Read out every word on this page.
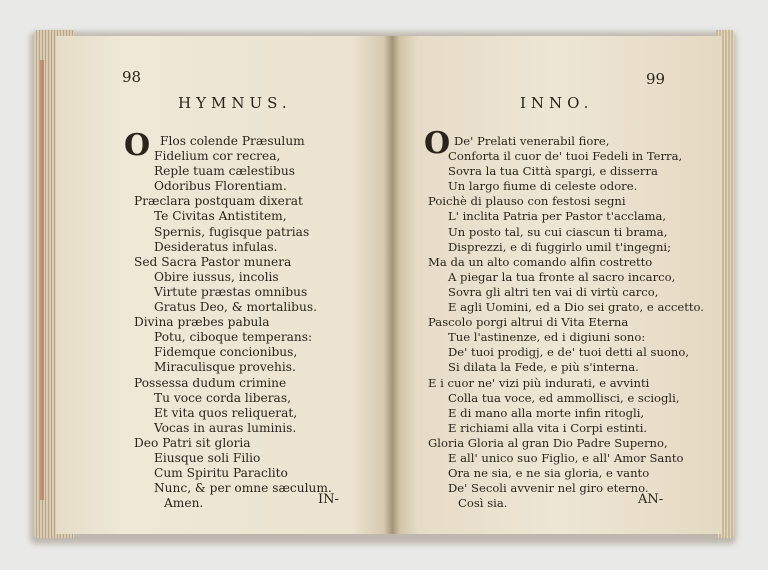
98
HYMNUS.
O Flos colende Præsulum
Fidelium cor recrea,
Reple tuam cælestibus
Odoribus Florentiam.
Præclara postquam dixerat
Te Civitas Antistitem,
Spernis, fugisque patrias
Desideratus infulas.
Sed Sacra Pastor munera
Obire iussus, incolis
Virtute præstas omnibus
Gratus Deo, & mortalibus.
Divina præbes pabula
Potu, ciboque temperans:
Fidemque concionibus,
Miraculisque provehis.
Possessa dudum crimine
Tu voce corda liberas,
Et vita quos reliquerat,
Vocas in auras luminis.
Deo Patri sit gloria
Eiusque soli Filio
Cum Spiritu Paraclito
Nunc, & per omne sæculum.
Amen.	IN-
99
INNO.
O De' Prelati venerabil fiore,
Conforta il cuor de' tuoi Fedeli in Terra,
Sovra la tua Città spargi, e disserra
Un largo fiume di celeste odore.
Poichè di plauso con festosi segni
L' inclita Patria per Pastor t'acclama,
Un posto tal, su cui ciascun ti brama,
Disprezzi, e di fuggirlo umil t'ingegni;
Ma da un alto comando alfin costretto
A piegar la tua fronte al sacro incarco,
Sovra gli altri ten vai di virtù carco,
E agli Uomini, ed a Dio sei grato, e accetto.
Pascolo porgi altrui di Vita Eterna
Tue l'astinenze, ed i digiuni sono:
De' tuoi prodigj, e de' tuoi detti al suono,
Si dilata la Fede, e più s'interna.
E i cuor ne' vizi più indurati, e avvinti
Colla tua voce, ed ammollisci, e sciogli,
E di mano alla morte infin ritogli,
E richiami alla vita i Corpi estinti.
Gloria Gloria al gran Dio Padre Superno,
E all' unico suo Figlio, e all' Amor Santo
Ora ne sia, e ne sia gloria, e vanto
De' Secoli avvenir nel giro eterno.
Così sia.	AN-
